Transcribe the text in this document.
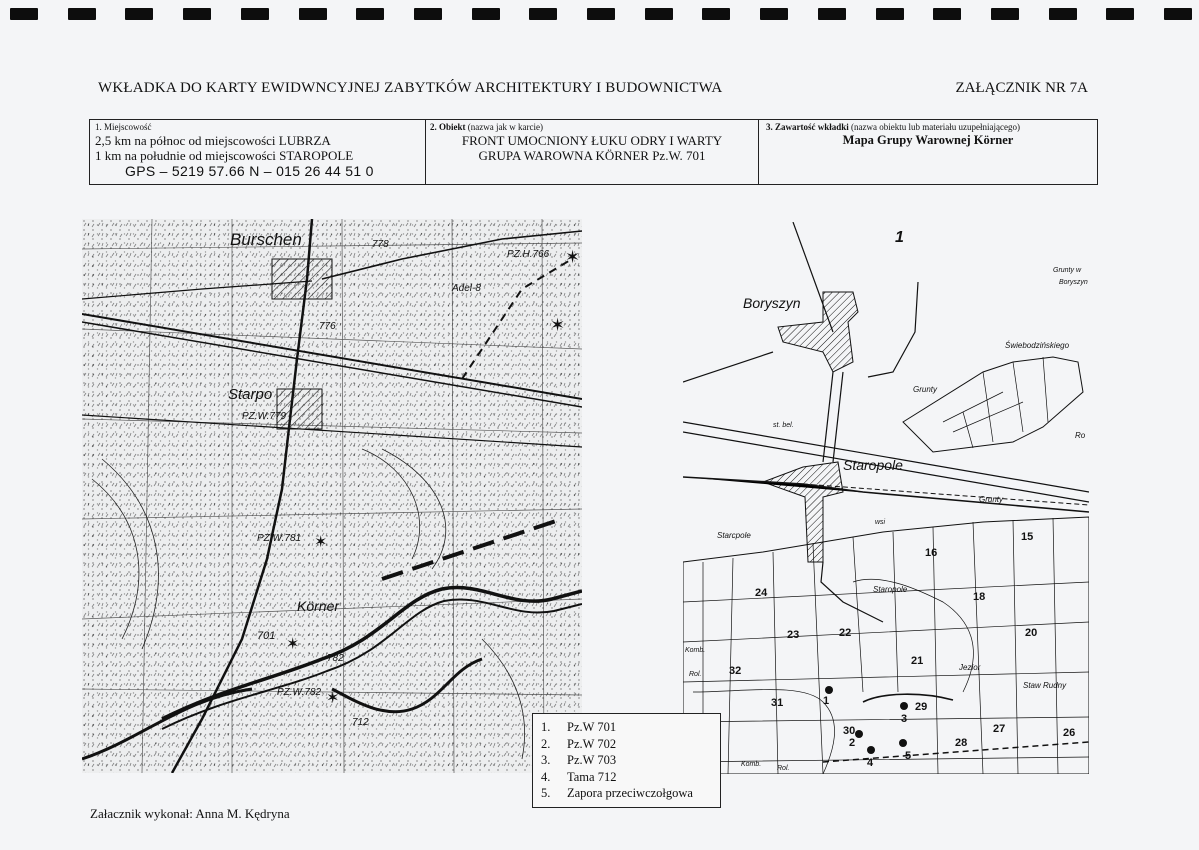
WKŁADKA DO KARTY EWIDWNCYJNEJ ZABYTKÓW ARCHITEKTURY I BUDOWNICTWA	ZAŁĄCZNIK NR 7A
1. Miejscowość
2,5 km na północ od miejscowości LUBRZA
1 km na południe od miejscowości STAROPOLE
GPS – 5219 57.66 N – 015 26 44 51 0
2. Obiekt (nazwa jak w karcie)
FRONT UMOCNIONY ŁUKU ODRY I WARTY
GRUPA WAROWNA KÖRNER Pz.W. 701
3. Zawartość wkładki (nazwa obiektu lub materiału uzupełniającego)
Mapa Grupy Warownej Körner
✶
✶
✶
✶
✶
Burschen
Starpo
Körner
PZ.H.766
778
776
PZ.W.779
PZ.W.781
PZ.W.782
701
782
712
Adel-8
1
Boryszyn
Staropole
Staropole
Starcpole
Grunty
Grunty
Grunty w
Boryszyn
Świebodzińskiego
Jezior
Staw Rudny
Ro
Komb.
Rol.
Komb.
Rol.
wsi
st. bel.
1
2
3
4
5
15
16
18
20
21
22
23
24
26
27
28
29
30
31
32
1.	Pz.W 701
2.	Pz.W 702
3.	Pz.W 703
4.	Tama 712
5.	Zapora przeciwczołgowa
Załacznik wykonał: Anna M. Kędryna
